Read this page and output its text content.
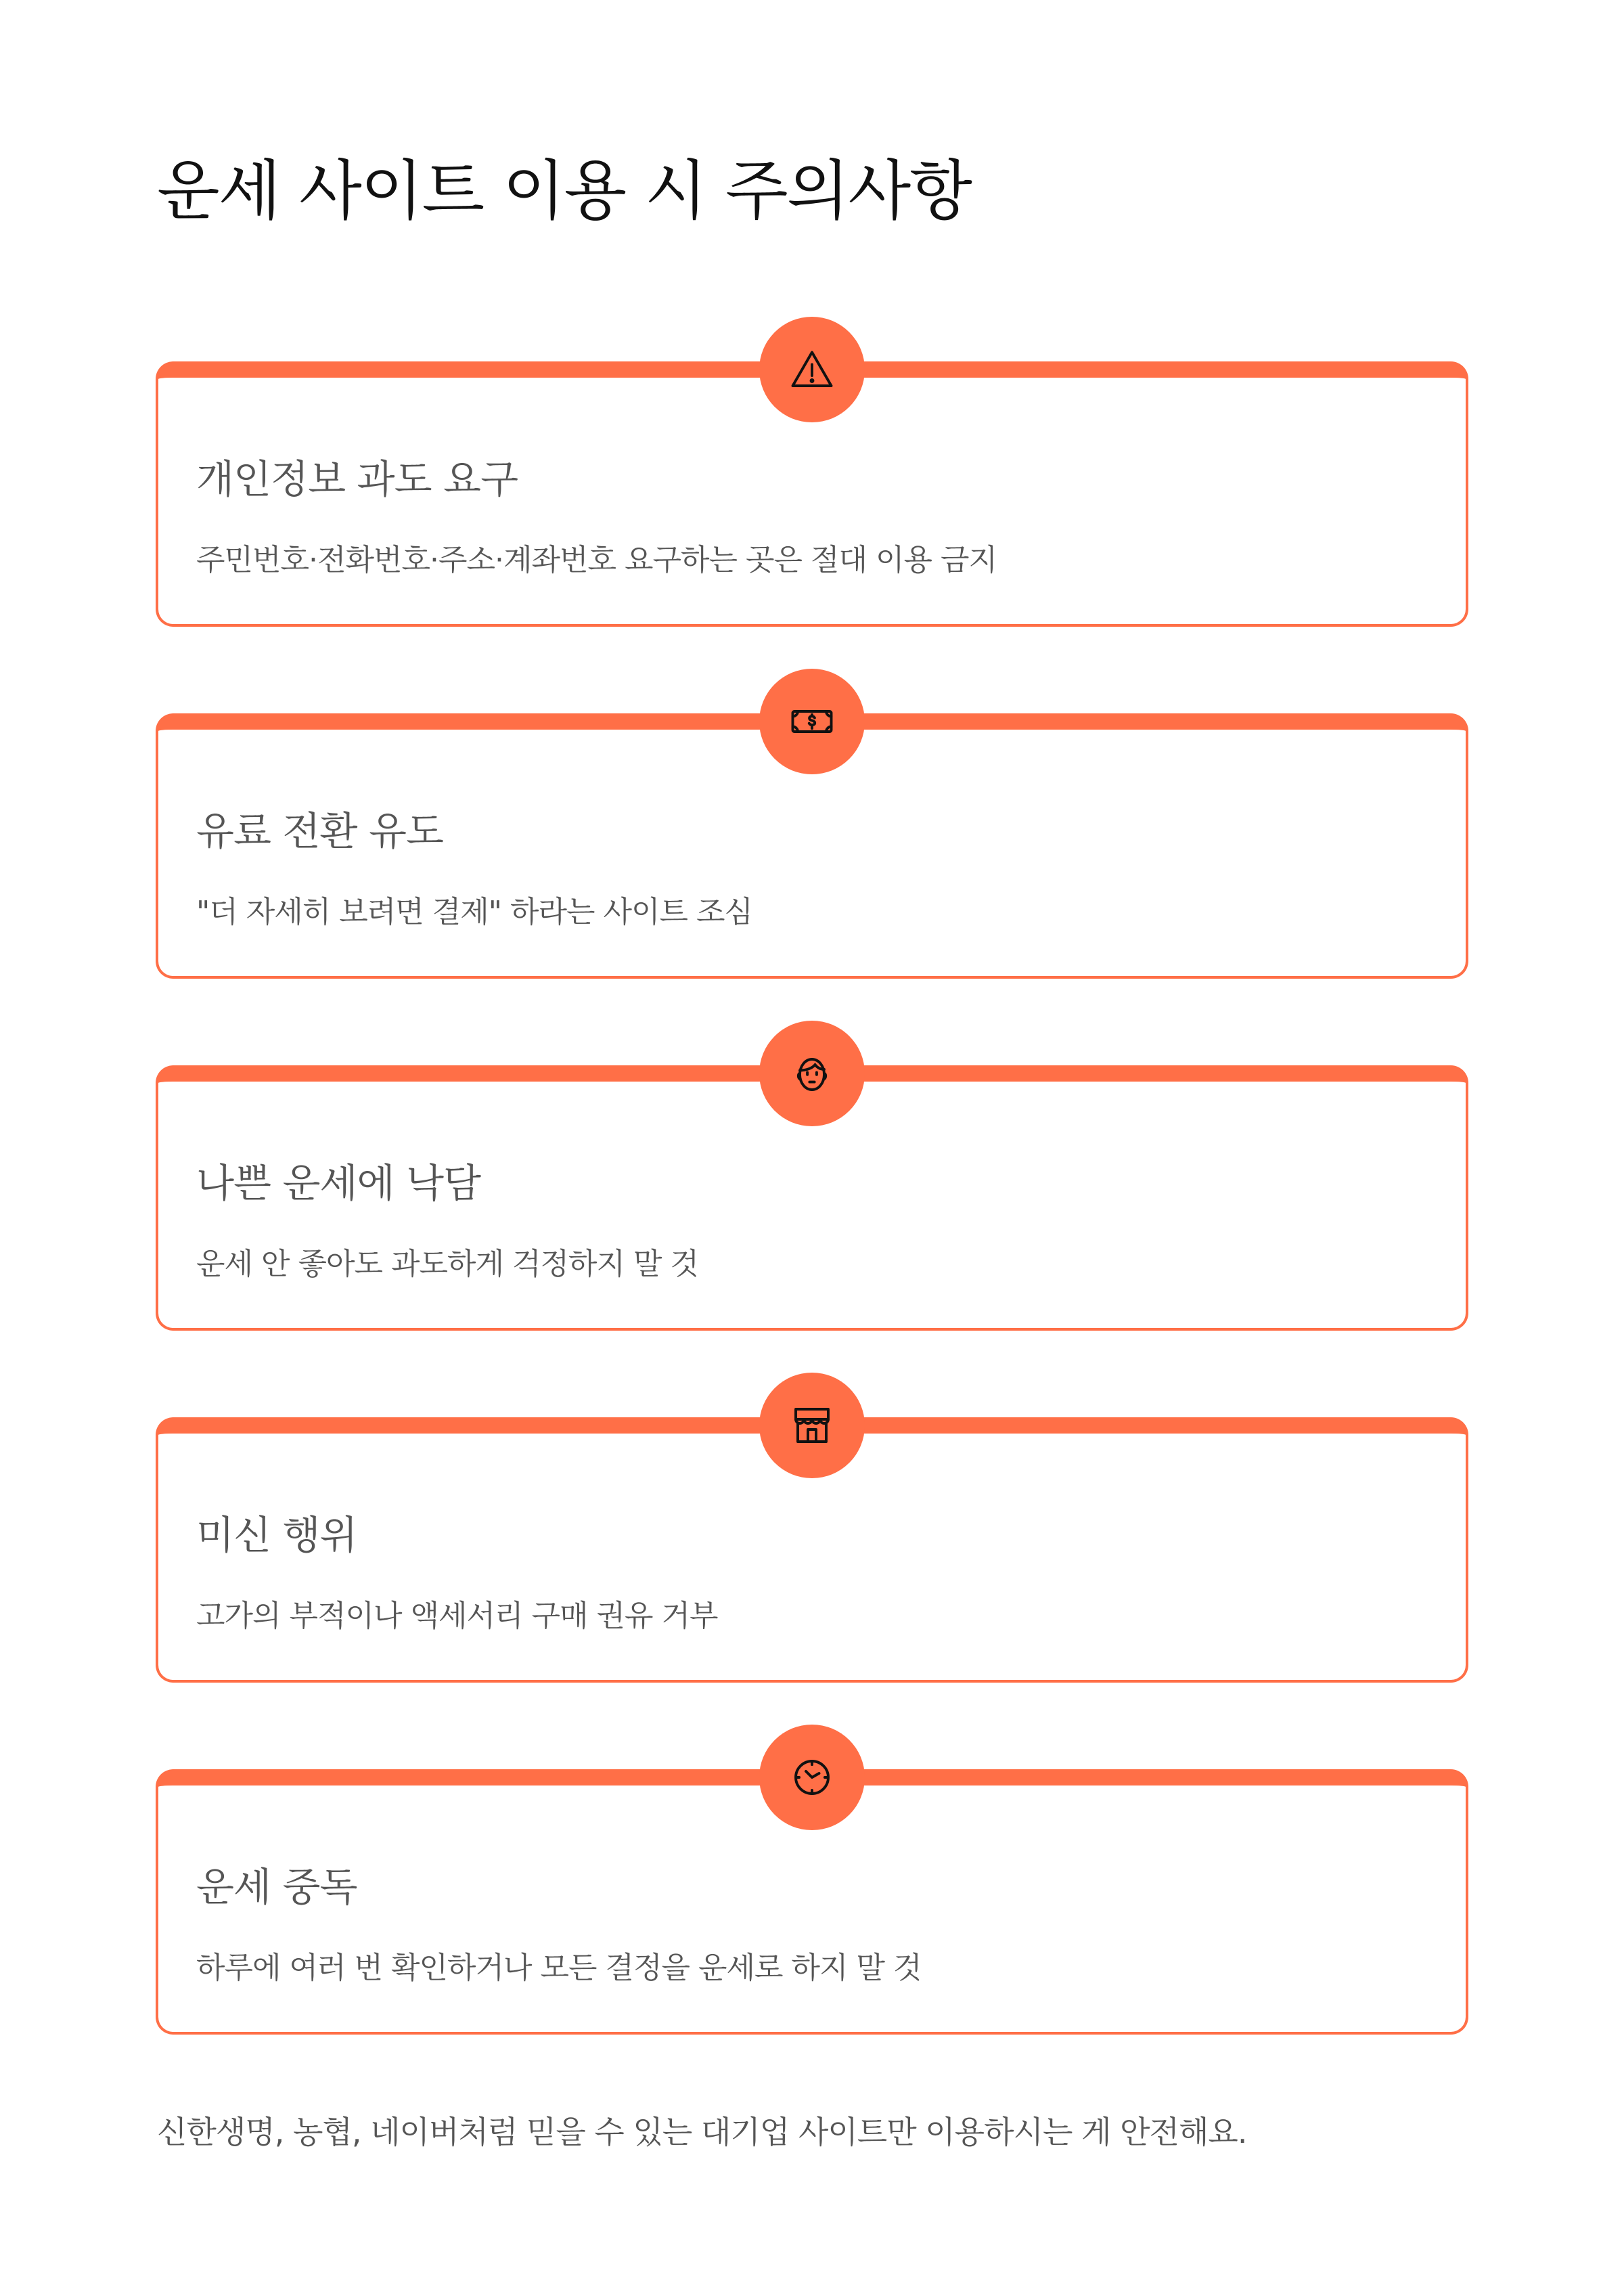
운세 사이트 이용 시 주의사항
개인정보 과도 요구
주민번호·전화번호·주소·계좌번호 요구하는 곳은 절대 이용 금지
유료 전환 유도
"더 자세히 보려면 결제" 하라는 사이트 조심
나쁜 운세에 낙담
운세 안 좋아도 과도하게 걱정하지 말 것
미신 행위
고가의 부적이나 액세서리 구매 권유 거부
운세 중독
하루에 여러 번 확인하거나 모든 결정을 운세로 하지 말 것
신한생명, 농협, 네이버처럼 믿을 수 있는 대기업 사이트만 이용하시는 게 안전해요.
